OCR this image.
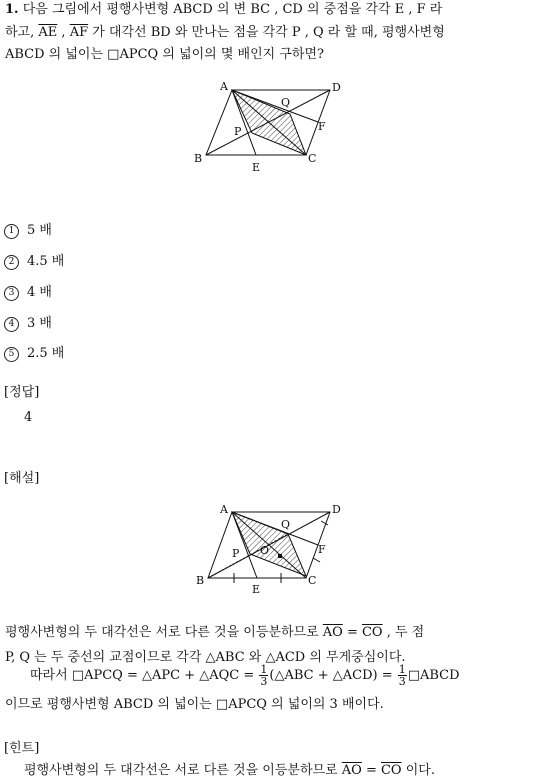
1. 다음 그림에서 평행사변형 ABCD 의 변 BC , CD 의 중점을 각각 E , F 라
하고, $\overline{AE}$ , $\overline{AF}$ 가 대각선 BD 와 만나는 점을 각각 P , Q 라 할 때, 평행사변형
ABCD 의 넓이는 □APCQ 의 넓이의 몇 배인지 구하면?
A	D
B	C
E
F
P
Q
1 5 배
2 4.5 배
3 4 배
4 3 배
5 2.5 배
[정답]
4
[해설]
A	D
B	C
E
F
P
Q
O
평행사변형의 두 대각선은 서로 다른 것을 이등분하므로 $\overline{AO} = \overline{CO}$ , 두 점
P, Q 는 두 중선의 교점이므로 각각 △ABC 와 △ACD 의 무게중심이다.
따라서 □APCQ = △APC + △AQC = $\frac{1}{3}$ (△ABC + △ACD) = $\frac{1}{3}$ □ABCD
이므로 평행사변형 ABCD 의 넓이는 □APCQ 의 넓이의 3 배이다.
[힌트]
평행사변형의 두 대각선은 서로 다른 것을 이등분하므로 $\overline{AO} = \overline{CO}$ 이다.
